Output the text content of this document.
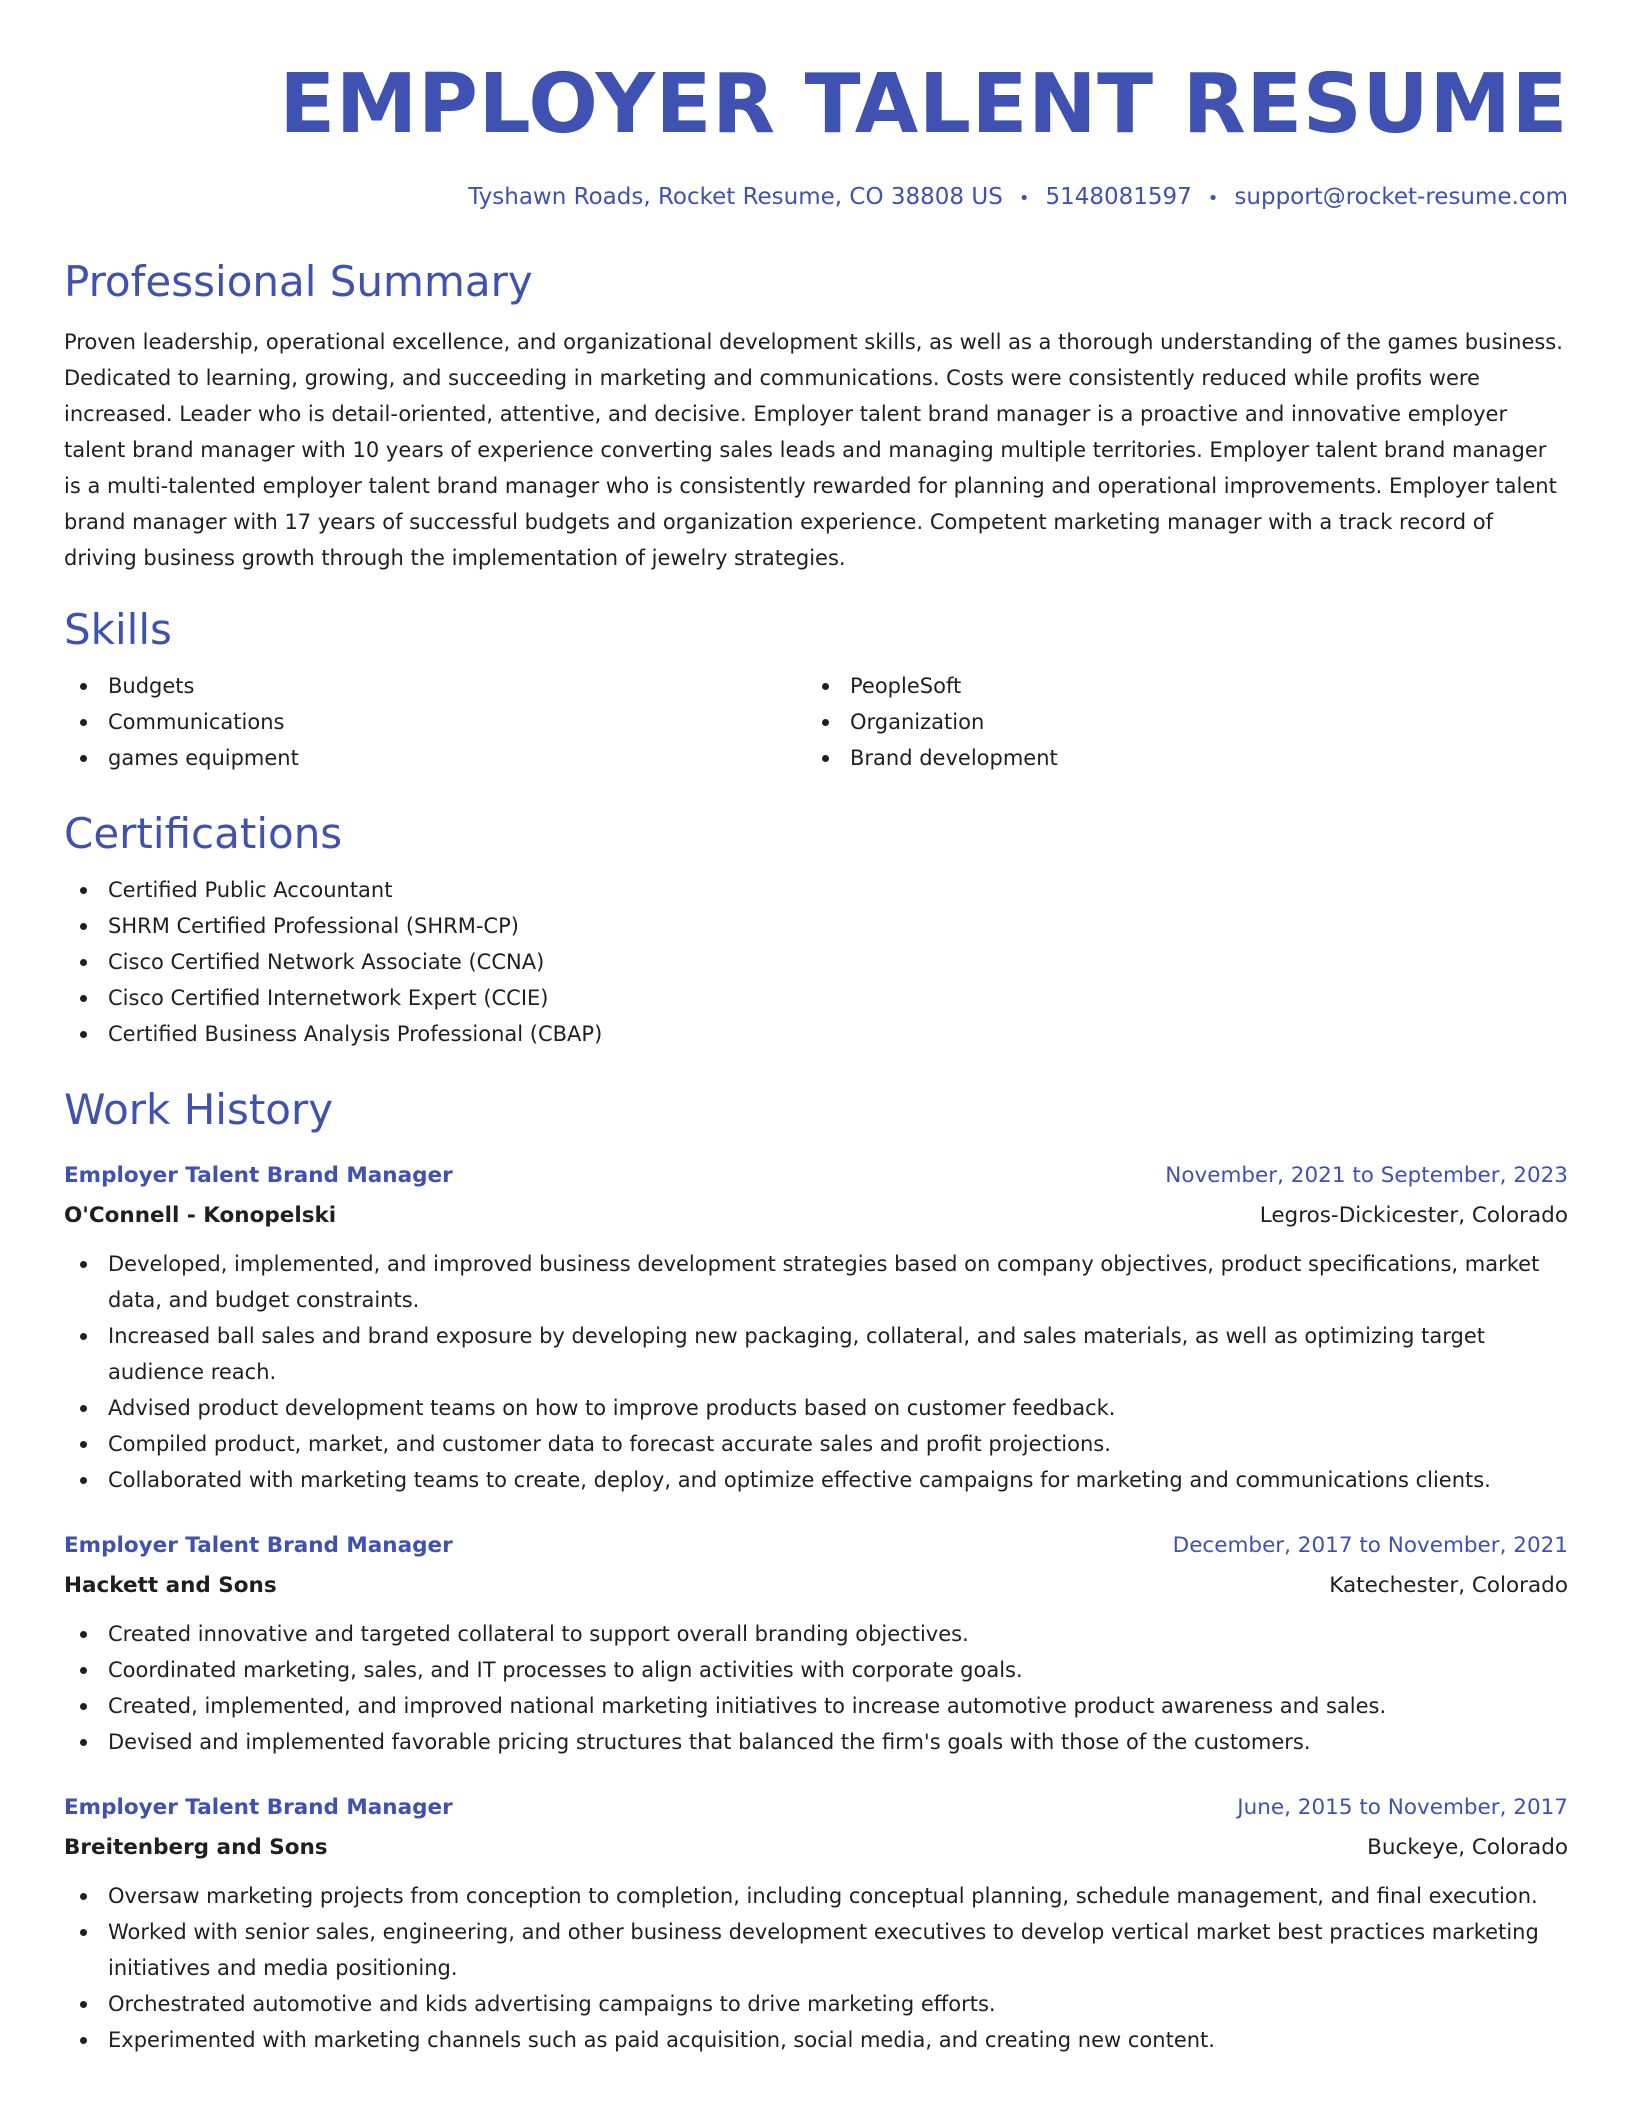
EMPLOYER TALENT RESUME
Tyshawn Roads, Rocket Resume, CO 38808 US • 5148081597 • support@rocket-resume.com
Professional Summary
Proven leadership, operational excellence, and organizational development skills, as well as a thorough understanding of the games business. Dedicated to learning, growing, and succeeding in marketing and communications. Costs were consistently reduced while profits were increased. Leader who is detail-oriented, attentive, and decisive. Employer talent brand manager is a proactive and innovative employer talent brand manager with 10 years of experience converting sales leads and managing multiple territories. Employer talent brand manager is a multi-talented employer talent brand manager who is consistently rewarded for planning and operational improvements. Employer talent brand manager with 17 years of successful budgets and organization experience. Competent marketing manager with a track record of driving business growth through the implementation of jewelry strategies.
Skills
Budgets
Communications
games equipment
PeopleSoft
Organization
Brand development
Certifications
Certified Public Accountant
SHRM Certified Professional (SHRM-CP)
Cisco Certified Network Associate (CCNA)
Cisco Certified Internetwork Expert (CCIE)
Certified Business Analysis Professional (CBAP)
Work History
Employer Talent Brand Manager	November, 2021 to September, 2023
O'Connell - Konopelski	Legros-Dickicester, Colorado
Developed, implemented, and improved business development strategies based on company objectives, product specifications, market data, and budget constraints.
Increased ball sales and brand exposure by developing new packaging, collateral, and sales materials, as well as optimizing target audience reach.
Advised product development teams on how to improve products based on customer feedback.
Compiled product, market, and customer data to forecast accurate sales and profit projections.
Collaborated with marketing teams to create, deploy, and optimize effective campaigns for marketing and communications clients.
Employer Talent Brand Manager	December, 2017 to November, 2021
Hackett and Sons	Katechester, Colorado
Created innovative and targeted collateral to support overall branding objectives.
Coordinated marketing, sales, and IT processes to align activities with corporate goals.
Created, implemented, and improved national marketing initiatives to increase automotive product awareness and sales.
Devised and implemented favorable pricing structures that balanced the firm's goals with those of the customers.
Employer Talent Brand Manager	June, 2015 to November, 2017
Breitenberg and Sons	Buckeye, Colorado
Oversaw marketing projects from conception to completion, including conceptual planning, schedule management, and final execution.
Worked with senior sales, engineering, and other business development executives to develop vertical market best practices marketing initiatives and media positioning.
Orchestrated automotive and kids advertising campaigns to drive marketing efforts.
Experimented with marketing channels such as paid acquisition, social media, and creating new content.
